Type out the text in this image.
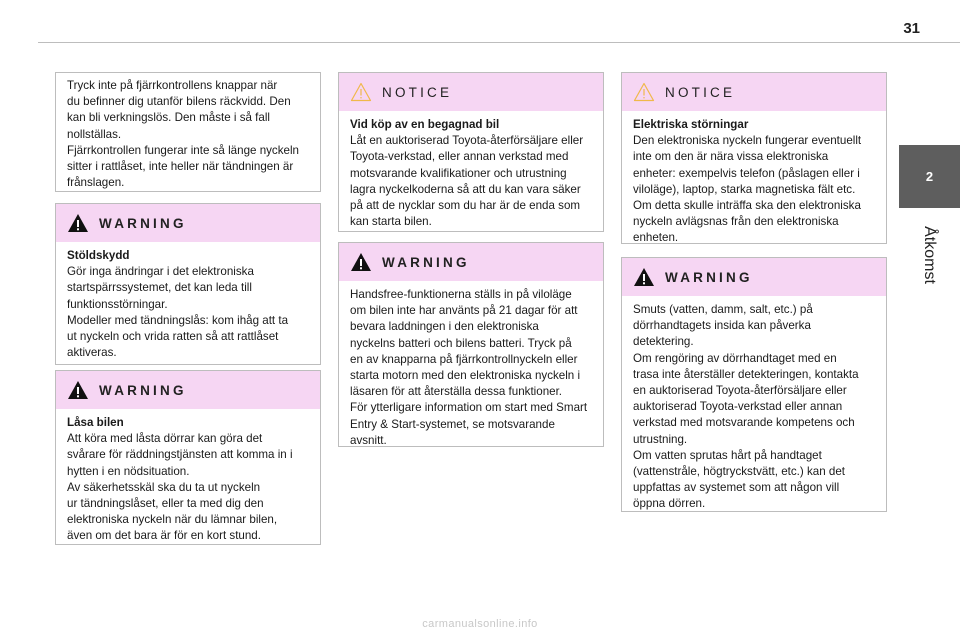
31
2
Åtkomst
Tryck inte på fjärrkontrollens knappar när
du befinner dig utanför bilens räckvidd. Den
kan bli verkningslös. Den måste i så fall
nollställas.
Fjärrkontrollen fungerar inte så länge nyckeln
sitter i rattlåset, inte heller när tändningen är
frånslagen.
WARNING
Stöldskydd
Gör inga ändringar i det elektroniska
startspärrssystemet, det kan leda till
funktionsstörningar.
Modeller med tändningslås: kom ihåg att ta
ut nyckeln och vrida ratten så att rattlåset
aktiveras.
WARNING
Låsa bilen
Att köra med låsta dörrar kan göra det
svårare för räddningstjänsten att komma in i
hytten i en nödsituation.
Av säkerhetsskäl ska du ta ut nyckeln
ur tändningslåset, eller ta med dig den
elektroniska nyckeln när du lämnar bilen,
även om det bara är för en kort stund.
NOTICE
Vid köp av en begagnad bil
Låt en auktoriserad Toyota-återförsäljare eller
Toyota-verkstad, eller annan verkstad med
motsvarande kvalifikationer och utrustning
lagra nyckelkoderna så att du kan vara säker
på att de nycklar som du har är de enda som
kan starta bilen.
WARNING
Handsfree-funktionerna ställs in på viloläge
om bilen inte har använts på 21 dagar för att
bevara laddningen i den elektroniska
nyckelns batteri och bilens batteri. Tryck på
en av knapparna på fjärrkontrollnyckeln eller
starta motorn med den elektroniska nyckeln i
läsaren för att återställa dessa funktioner.
För ytterligare information om start med Smart
Entry & Start-systemet, se motsvarande
avsnitt.
NOTICE
Elektriska störningar
Den elektroniska nyckeln fungerar eventuellt
inte om den är nära vissa elektroniska
enheter: exempelvis telefon (påslagen eller i
viloläge), laptop, starka magnetiska fält etc.
Om detta skulle inträffa ska den elektroniska
nyckeln avlägsnas från den elektroniska
enheten.
WARNING
Smuts (vatten, damm, salt, etc.) på
dörrhandtagets insida kan påverka
detektering.
Om rengöring av dörrhandtaget med en
trasa inte återställer detekteringen, kontakta
en auktoriserad Toyota-återförsäljare eller
auktoriserad Toyota-verkstad eller annan
verkstad med motsvarande kompetens och
utrustning.
Om vatten sprutas hårt på handtaget
(vattenstråle, högtryckstvätt, etc.) kan det
uppfattas av systemet som att någon vill
öppna dörren.
carmanualsonline.info
